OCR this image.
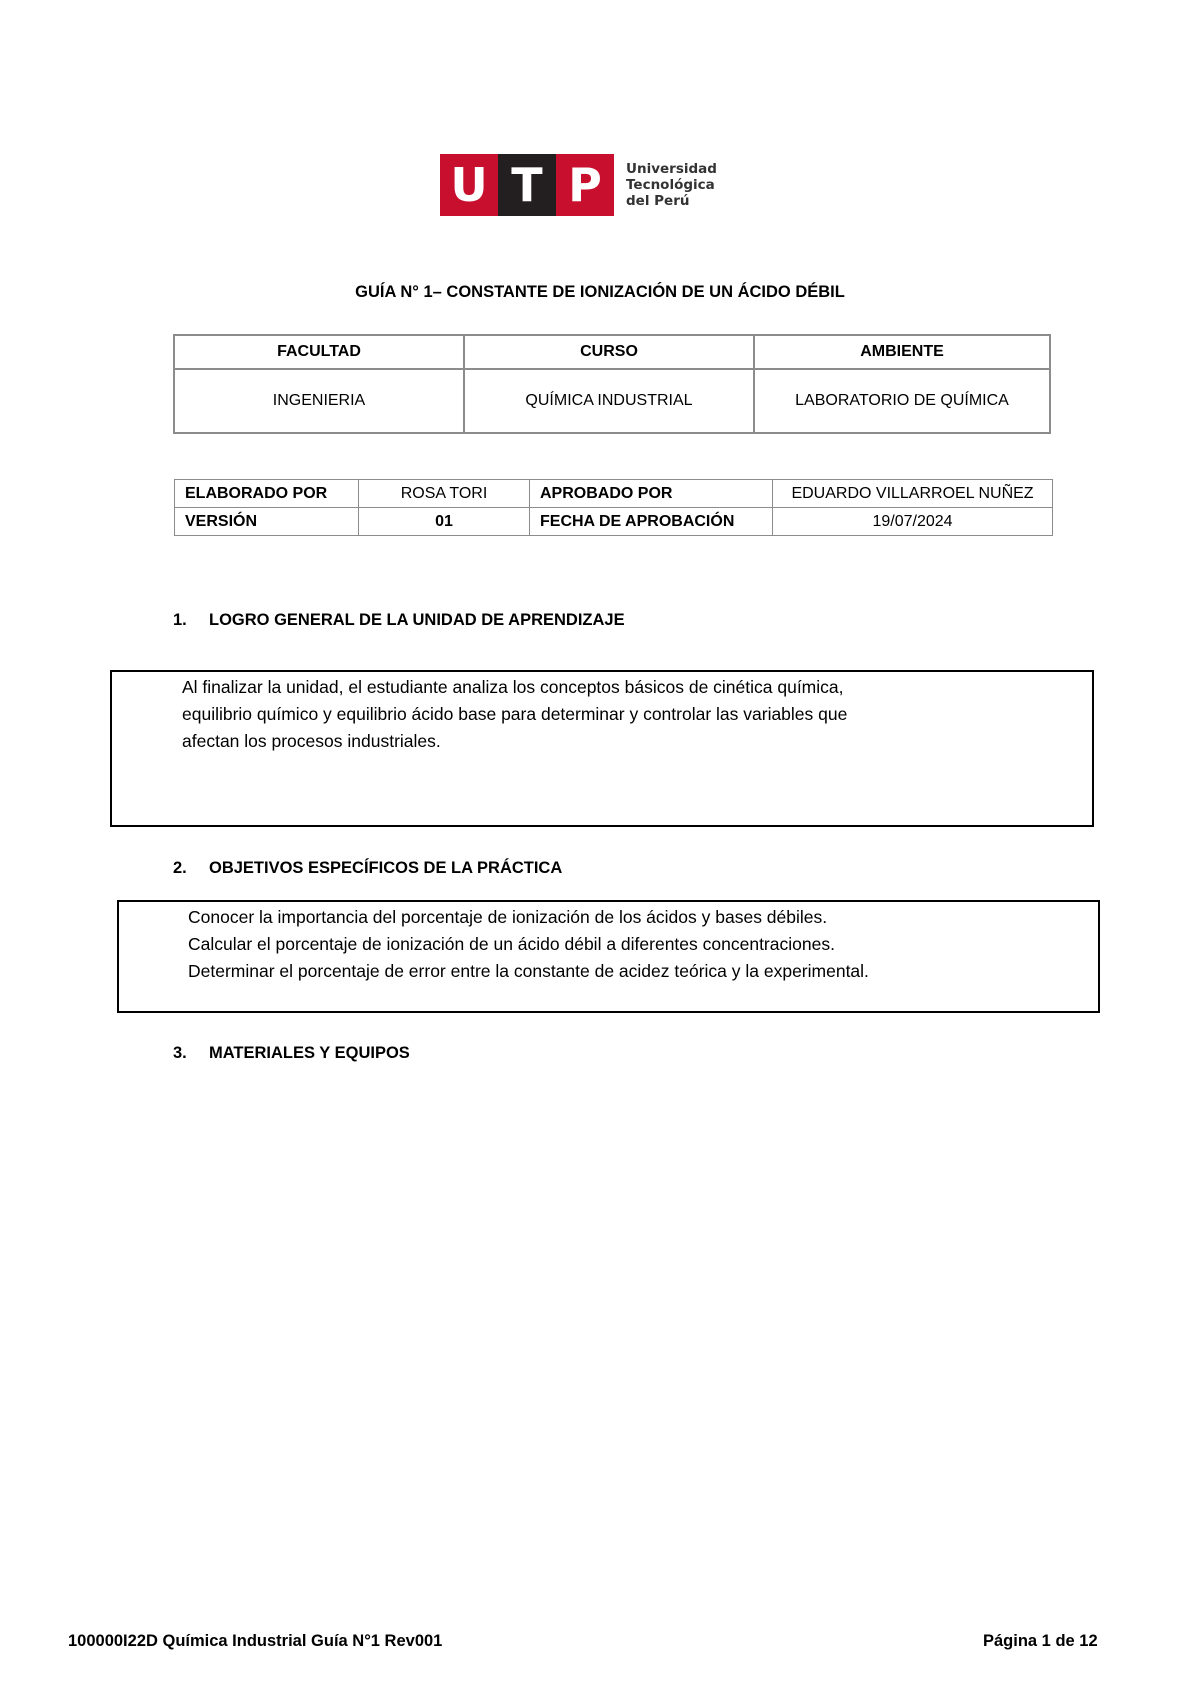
U T P	Universidad
Tecnológica
del Perú
GUÍA N° 1– CONSTANTE DE IONIZACIÓN DE UN ÁCIDO DÉBIL
FACULTAD	CURSO	AMBIENTE
INGENIERIA	QUÍMICA INDUSTRIAL	LABORATORIO DE QUÍMICA
ELABORADO POR	ROSA TORI	APROBADO POR	EDUARDO VILLARROEL NUÑEZ
VERSIÓN	01	FECHA DE APROBACIÓN	19/07/2024
1. LOGRO GENERAL DE LA UNIDAD DE APRENDIZAJE

Al finalizar la unidad, el estudiante analiza los conceptos básicos de cinética química,

equilibrio químico y equilibrio ácido base para determinar y controlar las variables que

afectan los procesos industriales.

2. OBJETIVOS ESPECÍFICOS DE LA PRÁCTICA

Conocer la importancia del porcentaje de ionización de los ácidos y bases débiles.

Calcular el porcentaje de ionización de un ácido débil a diferentes concentraciones.

Determinar el porcentaje de error entre la constante de acidez teórica y la experimental.

3. MATERIALES Y EQUIPOS
100000I22D Química Industrial Guía N°1 Rev001	Página 1 de 12
